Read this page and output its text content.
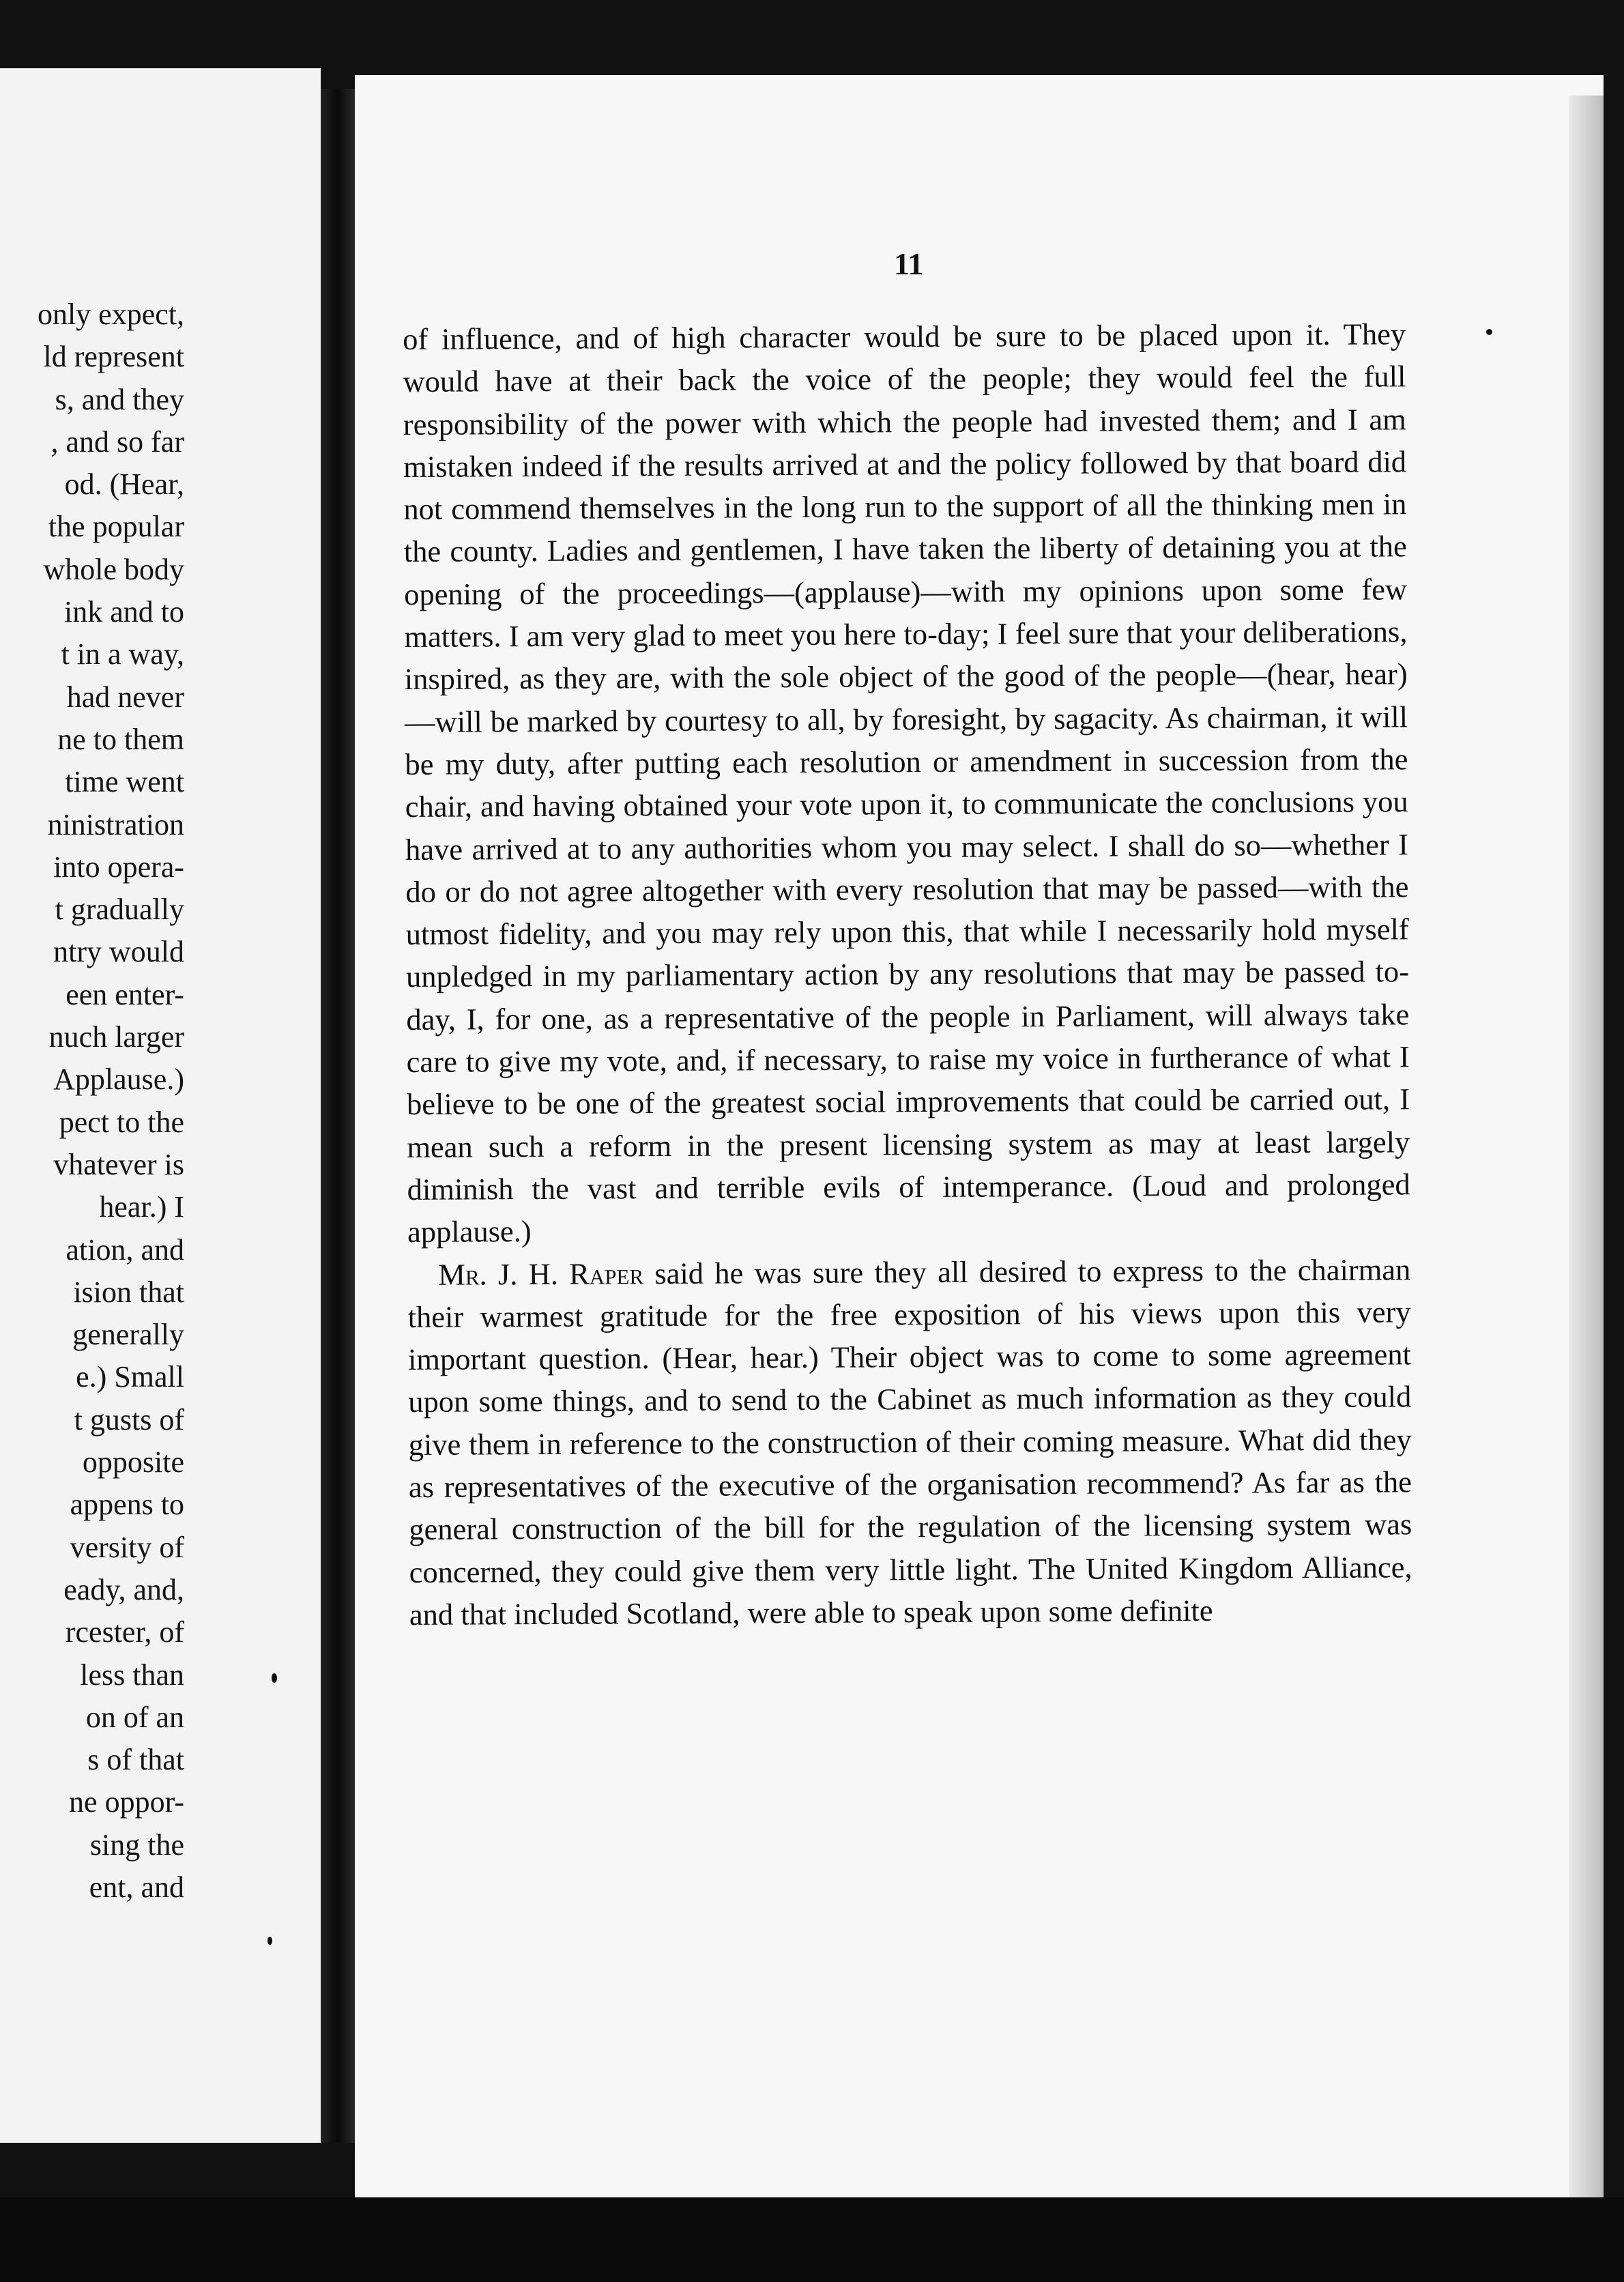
only expect,
ld represent
s, and they
, and so far
od. (Hear,
the popular
whole body
ink and to
t in a way,
had never
ne to them
time went
ninistration
into opera-
t gradually
ntry would
een enter-
nuch larger
Applause.)
pect to the
vhatever is
hear.) I
ation, and
ision that
generally
e.) Small
t gusts of
opposite
appens to
versity of
eady, and,
rcester, of
less than
on of an
s of that
ne oppor-
sing the
ent, and
11

of influence, and of high character would be sure to be placed upon it. They would have at their back the voice of the people; they would feel the full responsibility of the power with which the people had invested them; and I am mistaken indeed if the results arrived at and the policy followed by that board did not commend themselves in the long run to the support of all the thinking men in the county. Ladies and gentlemen, I have taken the liberty of detaining you at the opening of the proceedings—(applause)—with my opinions upon some few matters. I am very glad to meet you here to-day; I feel sure that your deliberations, inspired, as they are, with the sole object of the good of the people—(hear, hear)—will be marked by courtesy to all, by foresight, by sagacity. As chairman, it will be my duty, after putting each resolution or amendment in succession from the chair, and having obtained your vote upon it, to communicate the conclusions you have arrived at to any authorities whom you may select. I shall do so—whether I do or do not agree altogether with every resolution that may be passed—with the utmost fidelity, and you may rely upon this, that while I necessarily hold myself unpledged in my parliamentary action by any resolutions that may be passed to-day, I, for one, as a representative of the people in Parliament, will always take care to give my vote, and, if necessary, to raise my voice in furtherance of what I believe to be one of the greatest social improvements that could be carried out, I mean such a reform in the present licensing system as may at least largely diminish the vast and terrible evils of intemperance. (Loud and prolonged applause.)

Mr. J. H. Raper said he was sure they all desired to express to the chairman their warmest gratitude for the free exposition of his views upon this very important question. (Hear, hear.) Their object was to come to some agreement upon some things, and to send to the Cabinet as much information as they could give them in reference to the construction of their coming measure. What did they as representatives of the executive of the organisation recommend? As far as the general construction of the bill for the regulation of the licensing system was concerned, they could give them very little light. The United Kingdom Alliance, and that included Scotland, were able to speak upon some definite
